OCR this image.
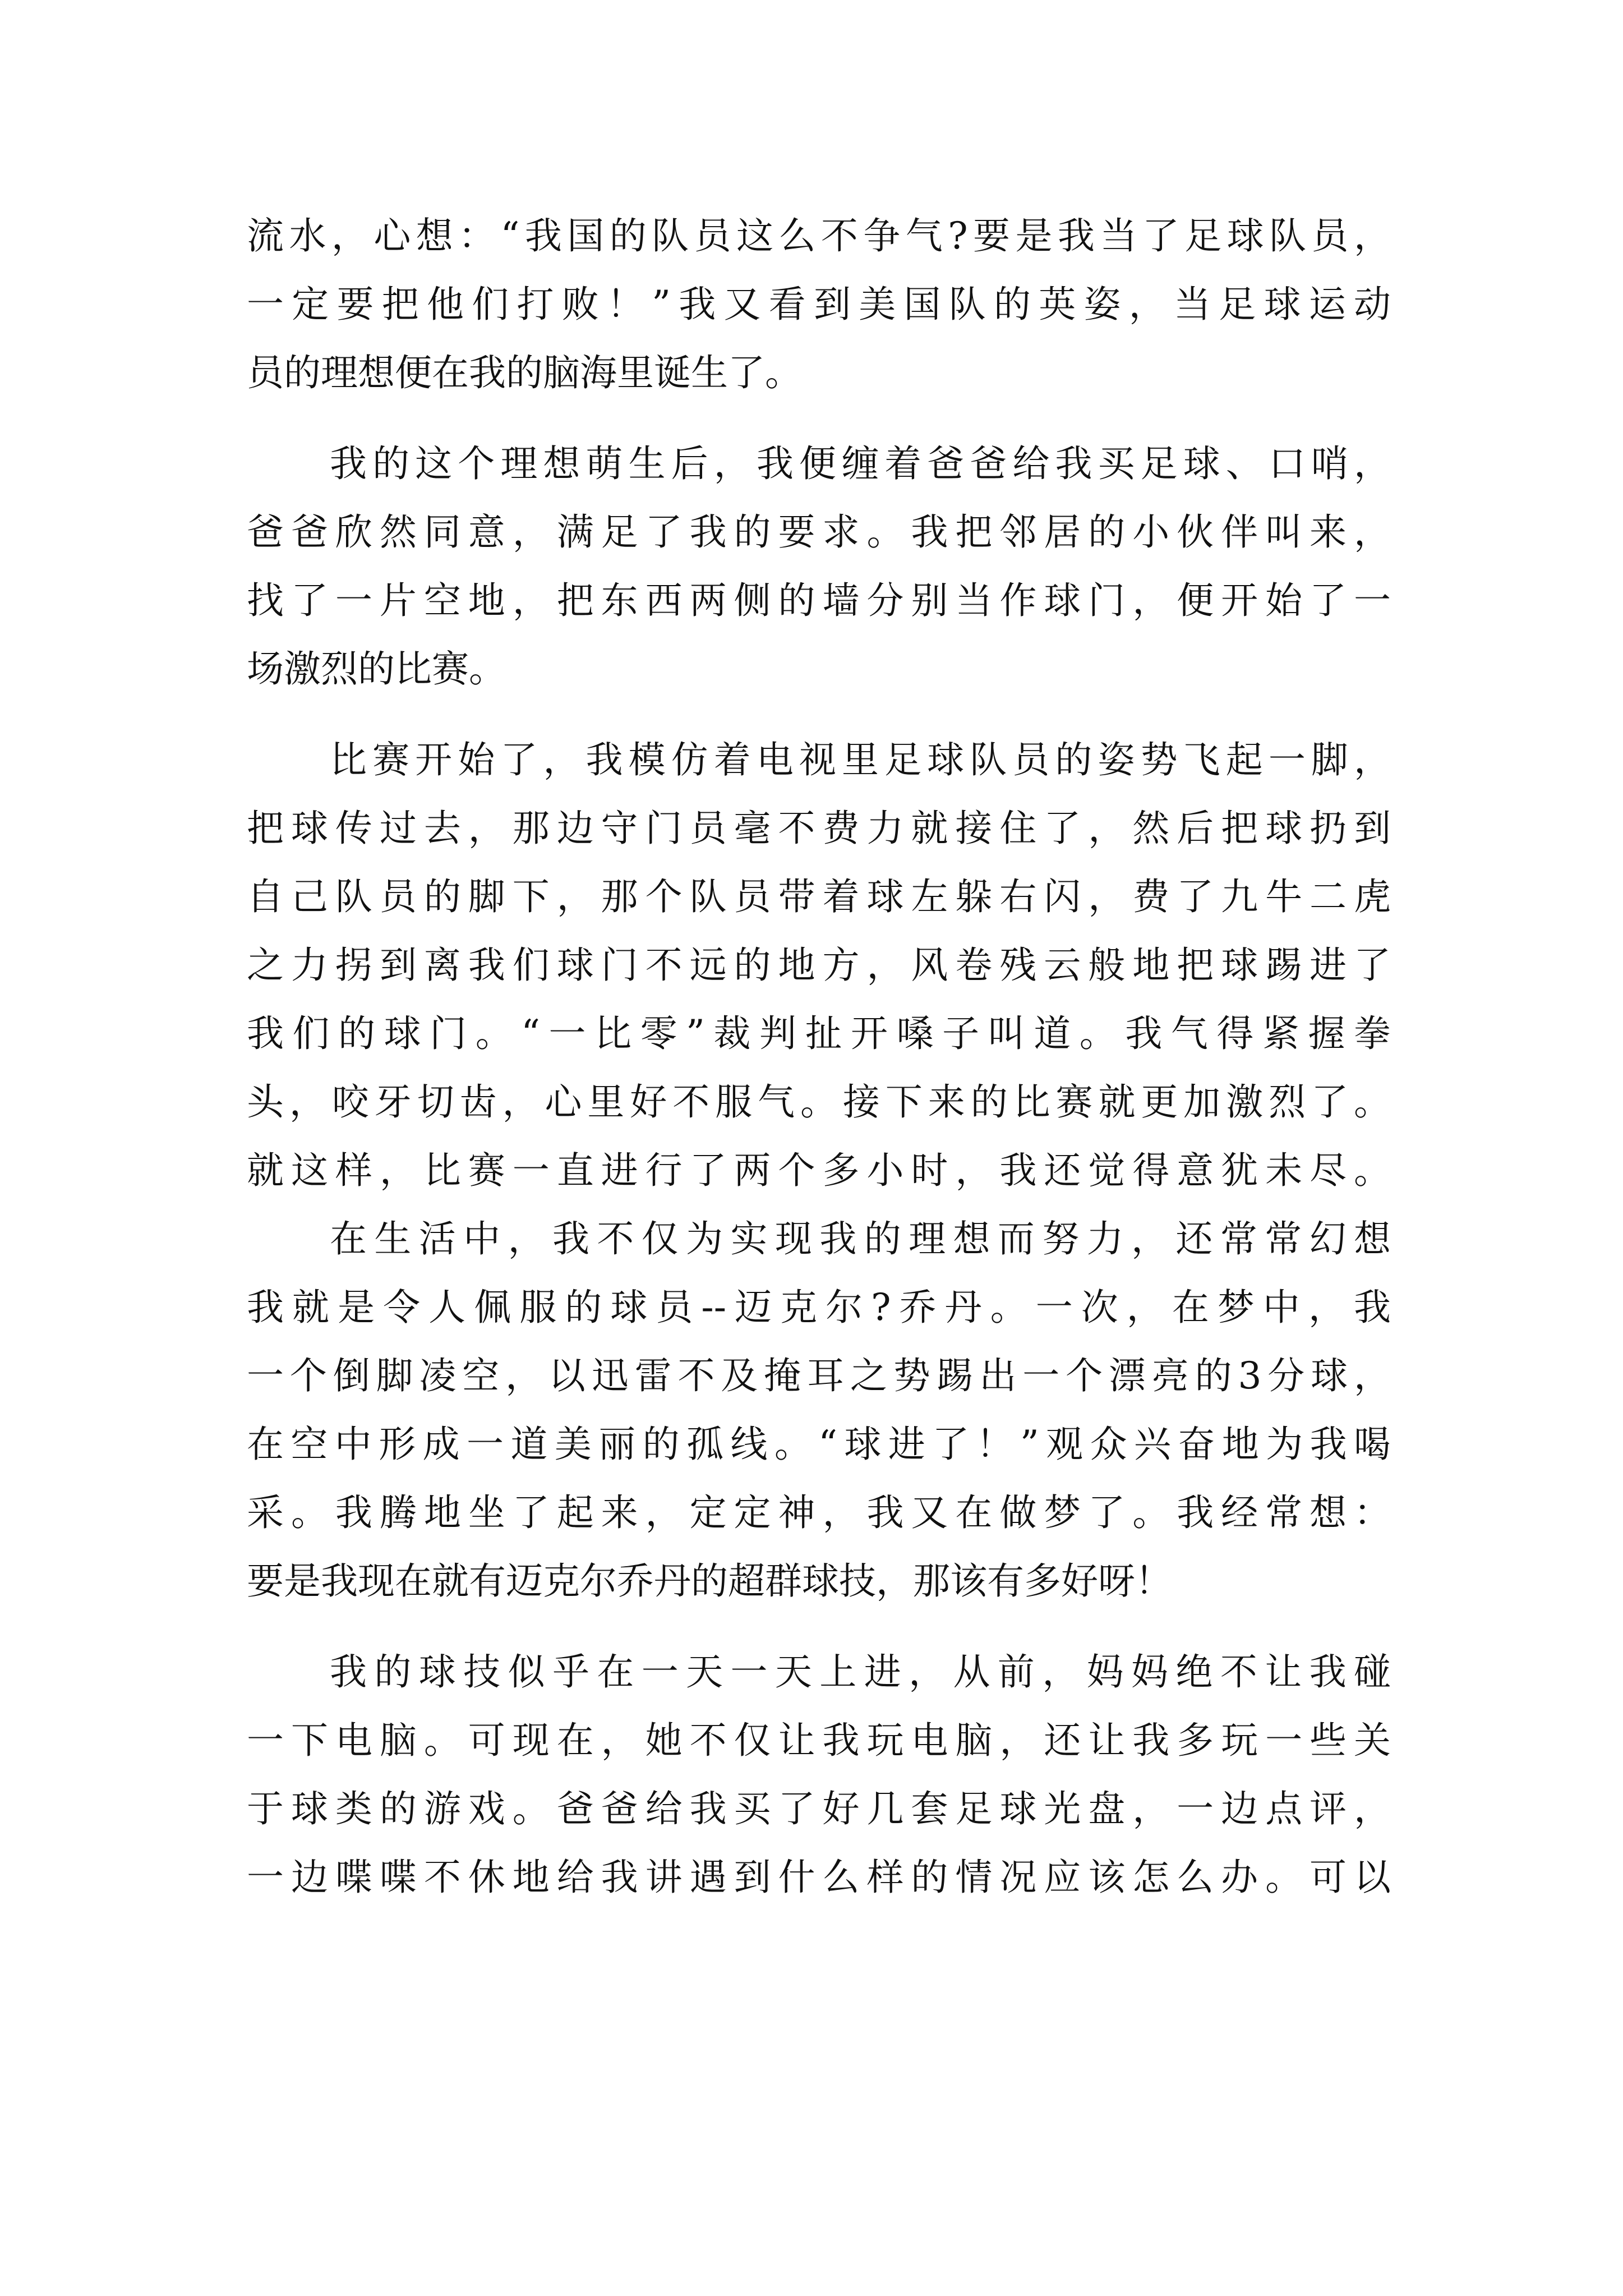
流水，心想：“我国的队员这么不争气?要是我当了足球队员，
一定要把他们打败！”我又看到美国队的英姿，当足球运动
员的理想便在我的脑海里诞生了。
我的这个理想萌生后，我便缠着爸爸给我买足球、口哨，
爸爸欣然同意，满足了我的要求。我把邻居的小伙伴叫来，
找了一片空地，把东西两侧的墙分别当作球门，便开始了一
场激烈的比赛。
比赛开始了，我模仿着电视里足球队员的姿势飞起一脚，
把球传过去，那边守门员毫不费力就接住了，然后把球扔到
自己队员的脚下，那个队员带着球左躲右闪，费了九牛二虎
之力拐到离我们球门不远的地方，风卷残云般地把球踢进了
我们的球门。“一比零”裁判扯开嗓子叫道。我气得紧握拳
头，咬牙切齿，心里好不服气。接下来的比赛就更加激烈了。
就这样，比赛一直进行了两个多小时，我还觉得意犹未尽。
在生活中，我不仅为实现我的理想而努力，还常常幻想
我就是令人佩服的球员--迈克尔?乔丹。一次，在梦中，我
一个倒脚凌空，以迅雷不及掩耳之势踢出一个漂亮的3分球，
在空中形成一道美丽的孤线。“球进了！”观众兴奋地为我喝
采。我腾地坐了起来，定定神，我又在做梦了。我经常想：
要是我现在就有迈克尔乔丹的超群球技，那该有多好呀！
我的球技似乎在一天一天上进，从前，妈妈绝不让我碰
一下电脑。可现在，她不仅让我玩电脑，还让我多玩一些关
于球类的游戏。爸爸给我买了好几套足球光盘，一边点评，
一边喋喋不休地给我讲遇到什么样的情况应该怎么办。可以
